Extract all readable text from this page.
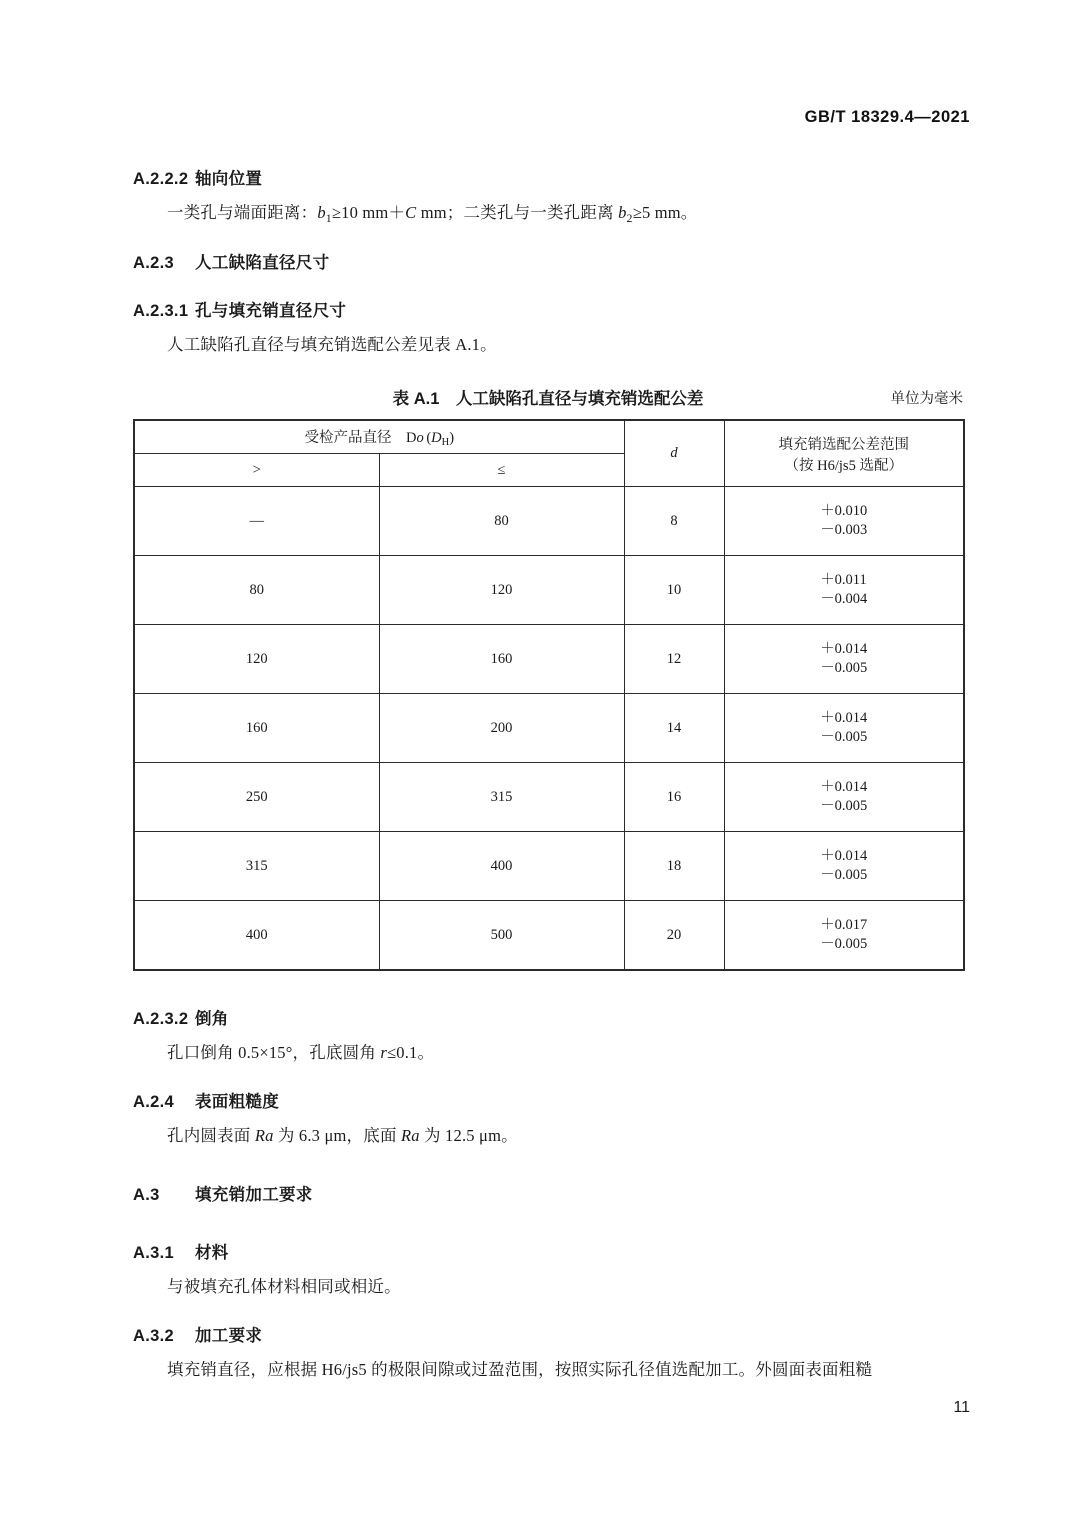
GB/T 18329.4—2021
A.2.2.2 轴向位置
一类孔与端面距离：$b_1\ge 10$ mm＋C mm；二类孔与一类孔距离 $b_2\ge 5$ mm。
A.2.3 人工缺陷直径尺寸
A.2.3.1 孔与填充销直径尺寸
人工缺陷孔直径与填充销选配公差见表 A.1。
表 A.1　人工缺陷孔直径与填充销选配公差	单位为毫米
受检产品直径　Do $(D_H)$		d	填充销选配公差范围
（按 H6/js5 选配）

>	≤		
—	80	8	＋0.010
－0.003
80	120	10	＋0.011
－0.004
120	160	12	＋0.014
－0.005
160	200	14	＋0.014
－0.005
250	315	16	＋0.014
－0.005
315	400	18	＋0.014
－0.005
400	500	20	＋0.017
－0.005
A.2.3.2 倒角
孔口倒角 0.5×15°，孔底圆角 r≤0.1。
A.2.4 表面粗糙度
孔内圆表面 Ra 为 6.3 μm，底面 Ra 为 12.5 μm。
A.3 填充销加工要求
A.3.1 材料
与被填充孔体材料相同或相近。
A.3.2 加工要求
填充销直径，应根据 H6/js5 的极限间隙或过盈范围，按照实际孔径值选配加工。外圆面表面粗糙
11
